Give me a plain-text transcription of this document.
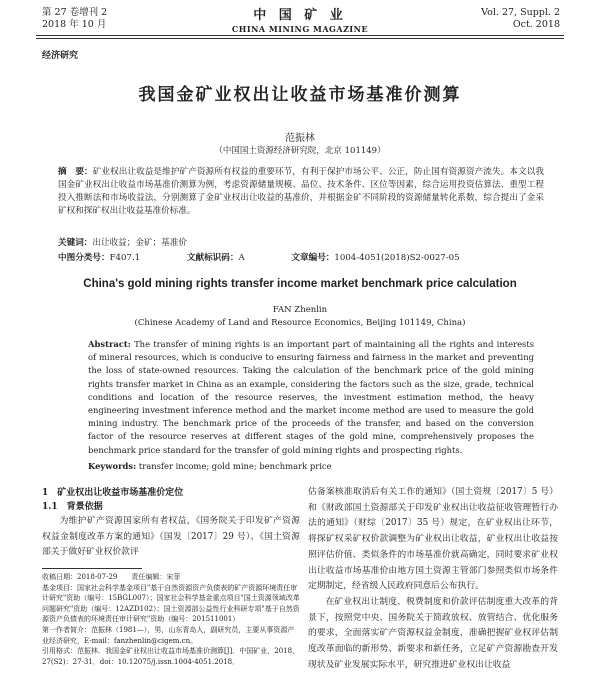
第 27 卷增刊 2
2018 年 10 月
中 国 矿 业
CHINA MINING MAGAZINE
Vol. 27, Suppl. 2
Oct. 2018
经济研究
我国金矿业权出让收益市场基准价测算
范振林
（中国国土资源经济研究院，北京 101149）
摘　要：矿业权出让收益是维护矿产资源所有权益的重要环节，有利于保护市场公平、公正，防止国有资源资产流失。本文以我国金矿业权出让收益市场基准价测算为例，考虑资源储量规模、品位、技术条件、区位等因素，综合运用投资估算法、重型工程投入推断法和市场收益法，分别测算了金矿业权出让收益的基准价，并根据金矿不同阶段的资源储量转化系数，综合提出了金采矿权和探矿权出让收益基准价标准。
关键词：出让收益；金矿；基准价
中图分类号：F407.1	文献标识码：A	文章编号：1004-4051(2018)S2-0027-05
China's gold mining rights transfer income market benchmark price calculation
FAN Zhenlin
(Chinese Academy of Land and Resource Economics, Beijing 101149, China)
Abstract: The transfer of mining rights is an important part of maintaining all the rights and interests of mineral resources, which is conducive to ensuring fairness and fairness in the market and preventing the loss of state-owned resources. Taking the calculation of the benchmark price of the gold mining rights transfer market in China as an example, considering the factors such as the size, grade, technical conditions and location of the resource reserves, the investment estimation method, the heavy engineering investment inference method and the market income method are used to measure the gold mining industry. The benchmark price of the proceeds of the transfer, and based on the conversion factor of the resource reserves at different stages of the gold mine, comprehensively proposes the benchmark price standard for the transfer of gold mining rights and prospecting rights.
Keywords: transfer income; gold mine; benchmark price
1　矿业权出让收益市场基准价定位
1.1　背景依据
为维护矿产资源国家所有者权益，《国务院关于印发矿产资源权益金制度改革方案的通知》（国发〔2017〕29 号）、《国土资源部关于做好矿业权价款评
收稿日期：2018-07-29　　责任编辑：宋菲
基金项目：国家社会科学基金项目"基于自然资源资产负债表的矿产资源环境责任审计研究"资助（编号：15BGL007）；国家社会科学基金重点项目"国土资源领域改革问题研究"资助（编号：12AZD102）；国土资源部公益性行业科研专项"基于自然资源资产负债表的环境责任审计研究"资助（编号：201511001）
第一作者简介：范振林（1981—），男，山东青岛人，副研究员，主要从事资源产业经济研究，E-mail：fanzhenlin@cigem.cn。
引用格式：范振林．我国金矿业权出让收益市场基准价测算[J]．中国矿业，2018，27(S2)：27-31．doi：10.12075/j.issn.1004-4051.2018．

估备案核准取消后有关工作的通知》（国土资规〔2017〕5 号）和《财政部国土资源部关于印发矿业权出让收益征收管理暂行办法的通知》（财综〔2017〕35 号）规定，在矿业权出让环节，将探矿权采矿权价款调整为矿业权出让收益，矿业权出让收益按照评估价值、类似条件的市场基准价就高确定，同时要求矿业权出让收益市场基准价由地方国土资源主管部门参照类似市场条件定期制定，经省级人民政府同意后公布执行。

在矿业权出让制度、税费制度和价款评估制度重大改革的背景下，按照党中央、国务院关于简政放权、放管结合、优化服务的要求，全面落实矿产资源权益金制度，准确把握矿业权评估制度改革面临的新形势、新要求和新任务，立足矿产资源勘查开发现状及矿业发展实际水平，研究推进矿业权出让收益
